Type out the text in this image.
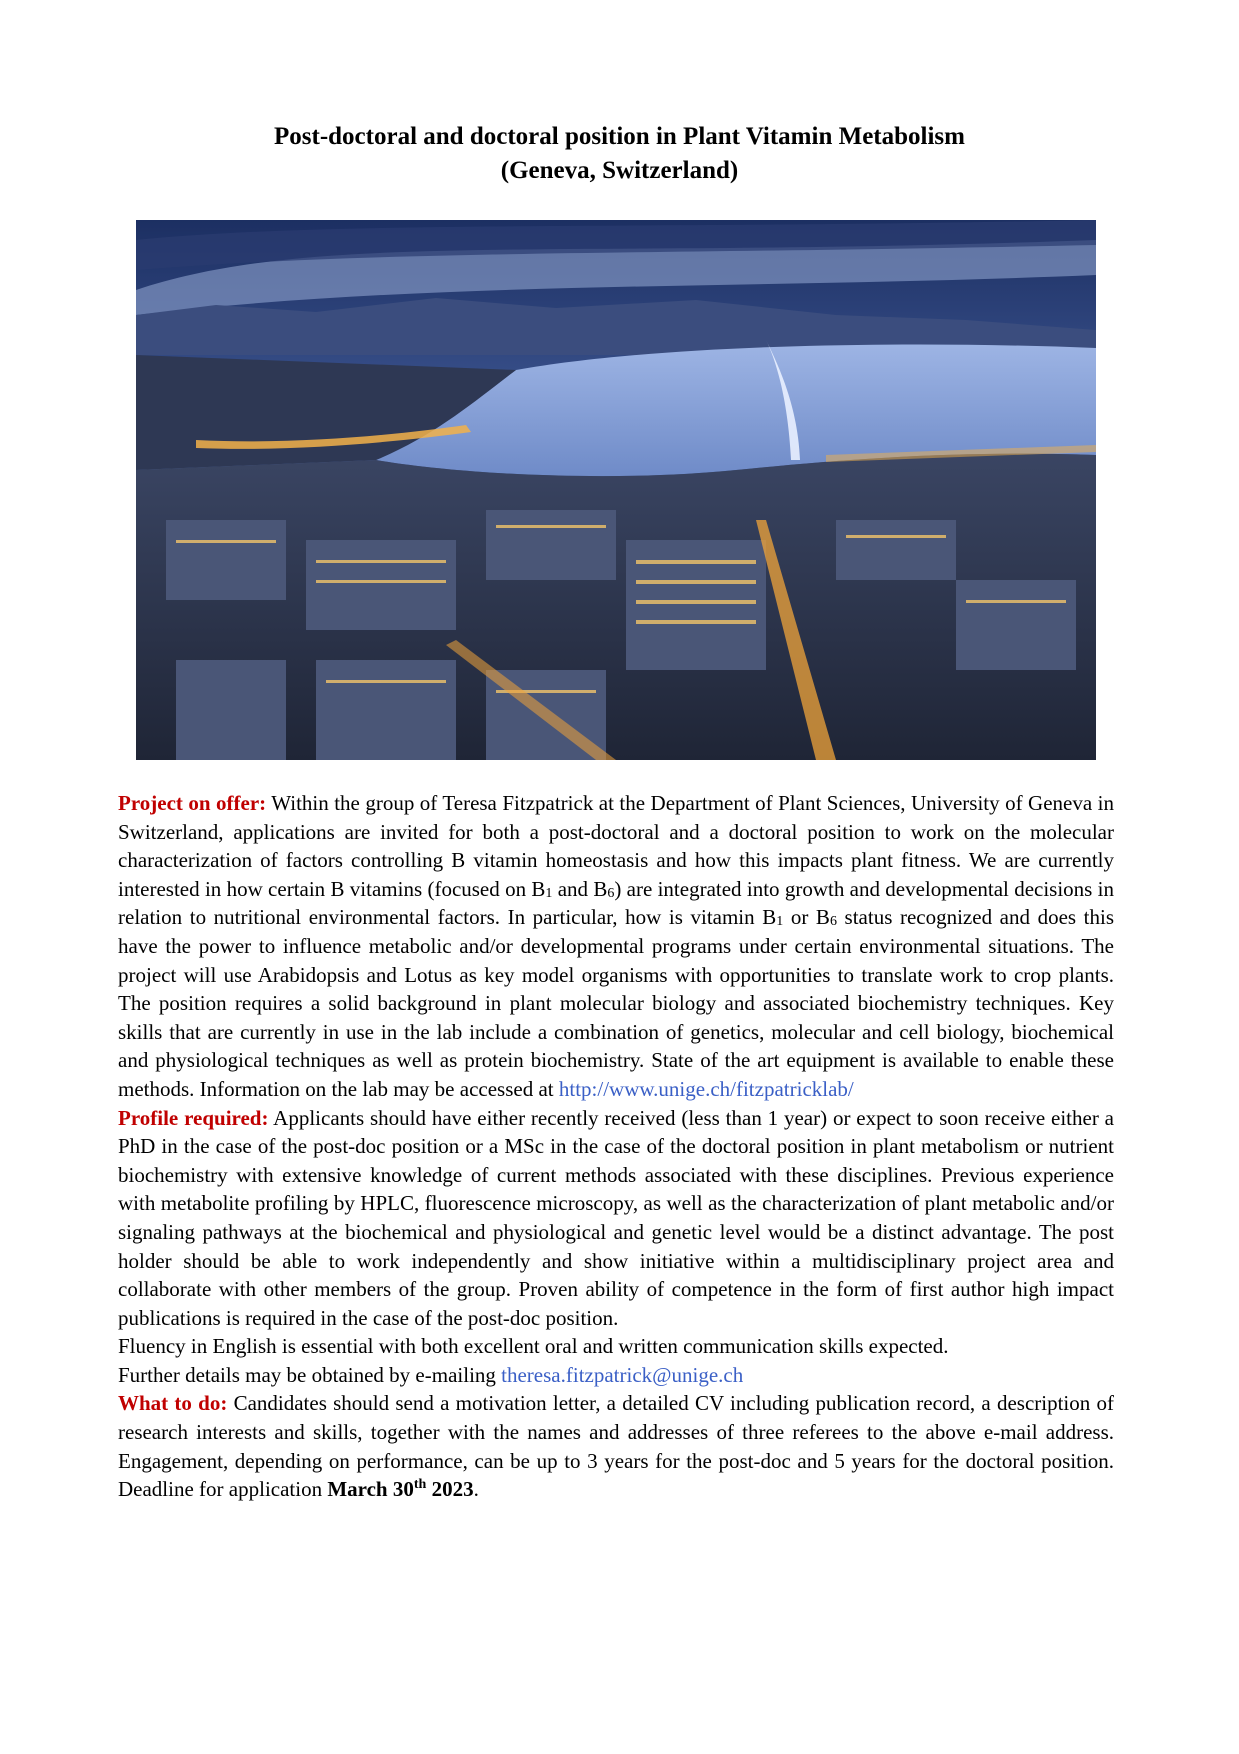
Post-doctoral and doctoral position in Plant Vitamin Metabolism
(Geneva, Switzerland)

Project on offer: Within the group of Teresa Fitzpatrick at the Department of Plant Sciences, University of Geneva in Switzerland, applications are invited for both a post-doctoral and a doctoral position to work on the molecular characterization of factors controlling B vitamin homeostasis and how this impacts plant fitness. We are currently interested in how certain B vitamins (focused on $B_1$ and $B_6$) are integrated into growth and developmental decisions in relation to nutritional environmental factors. In particular, how is vitamin $B_1$ or $B_6$ status recognized and does this have the power to influence metabolic and/or developmental programs under certain environmental situations. The project will use Arabidopsis and Lotus as key model organisms with opportunities to translate work to crop plants. The position requires a solid background in plant molecular biology and associated biochemistry techniques. Key skills that are currently in use in the lab include a combination of genetics, molecular and cell biology, biochemical and physiological techniques as well as protein biochemistry. State of the art equipment is available to enable these methods. Information on the lab may be accessed at http://www.unige.ch/fitzpatricklab/

Profile required: Applicants should have either recently received (less than 1 year) or expect to soon receive either a PhD in the case of the post-doc position or a MSc in the case of the doctoral position in plant metabolism or nutrient biochemistry with extensive knowledge of current methods associated with these disciplines. Previous experience with metabolite profiling by HPLC, fluorescence microscopy, as well as the characterization of plant metabolic and/or signaling pathways at the biochemical and physiological and genetic level would be a distinct advantage. The post holder should be able to work independently and show initiative within a multidisciplinary project area and collaborate with other members of the group. Proven ability of competence in the form of first author high impact publications is required in the case of the post-doc position.

Fluency in English is essential with both excellent oral and written communication skills expected.

Further details may be obtained by e-mailing theresa.fitzpatrick@unige.ch

What to do: Candidates should send a motivation letter, a detailed CV including publication record, a description of research interests and skills, together with the names and addresses of three referees to the above e-mail address. Engagement, depending on performance, can be up to 3 years for the post-doc and 5 years for the doctoral position. Deadline for application March 30th 2023.
